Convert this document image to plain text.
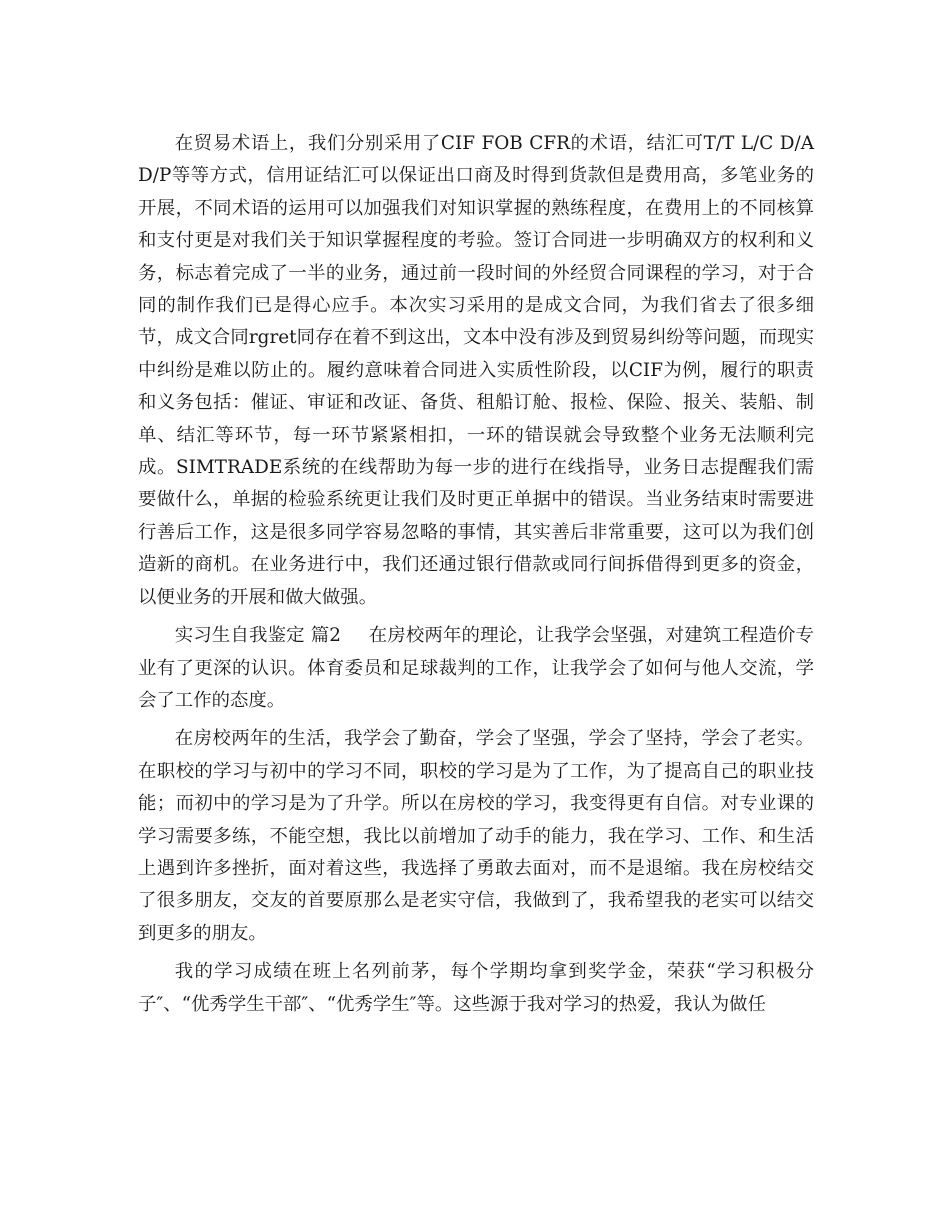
在贸易术语上，我们分别采用了CIF FOB CFR的术语，结汇可T/T L/C D/A D/P等等方式，信用证结汇可以保证出口商及时得到货款但是费用高，多笔业务的开展，不同术语的运用可以加强我们对知识掌握的熟练程度，在费用上的不同核算和支付更是对我们关于知识掌握程度的考验。签订合同进一步明确双方的权利和义务，标志着完成了一半的业务，通过前一段时间的外经贸合同课程的学习，对于合同的制作我们已是得心应手。本次实习采用的是成文合同，为我们省去了很多细节，成文合同rgret同存在着不到这出，文本中没有涉及到贸易纠纷等问题，而现实中纠纷是难以防止的。履约意味着合同进入实质性阶段，以CIF为例，履行的职责和义务包括：催证、审证和改证、备货、租船订舱、报检、保险、报关、装船、制单、结汇等环节，每一环节紧紧相扣，一环的错误就会导致整个业务无法顺利完成。SIMTRADE系统的在线帮助为每一步的进行在线指导，业务日志提醒我们需要做什么，单据的检验系统更让我们及时更正单据中的错误。当业务结束时需要进行善后工作，这是很多同学容易忽略的事情，其实善后非常重要，这可以为我们创造新的商机。在业务进行中，我们还通过银行借款或同行间拆借得到更多的资金，以便业务的开展和做大做强。

实习生自我鉴定 篇2 在房校两年的理论，让我学会坚强，对建筑工程造价专业有了更深的认识。体育委员和足球裁判的工作，让我学会了如何与他人交流，学会了工作的态度。

在房校两年的生活，我学会了勤奋，学会了坚强，学会了坚持，学会了老实。在职校的学习与初中的学习不同，职校的学习是为了工作，为了提高自己的职业技能；而初中的学习是为了升学。所以在房校的学习，我变得更有自信。对专业课的学习需要多练，不能空想，我比以前增加了动手的能力，我在学习、工作、和生活上遇到许多挫折，面对着这些，我选择了勇敢去面对，而不是退缩。我在房校结交了很多朋友，交友的首要原那么是老实守信，我做到了，我希望我的老实可以结交到更多的朋友。

我的学习成绩在班上名列前茅，每个学期均拿到奖学金，荣获“学习积极分子″、“优秀学生干部″、“优秀学生″等。这些源于我对学习的热爱，我认为做任
